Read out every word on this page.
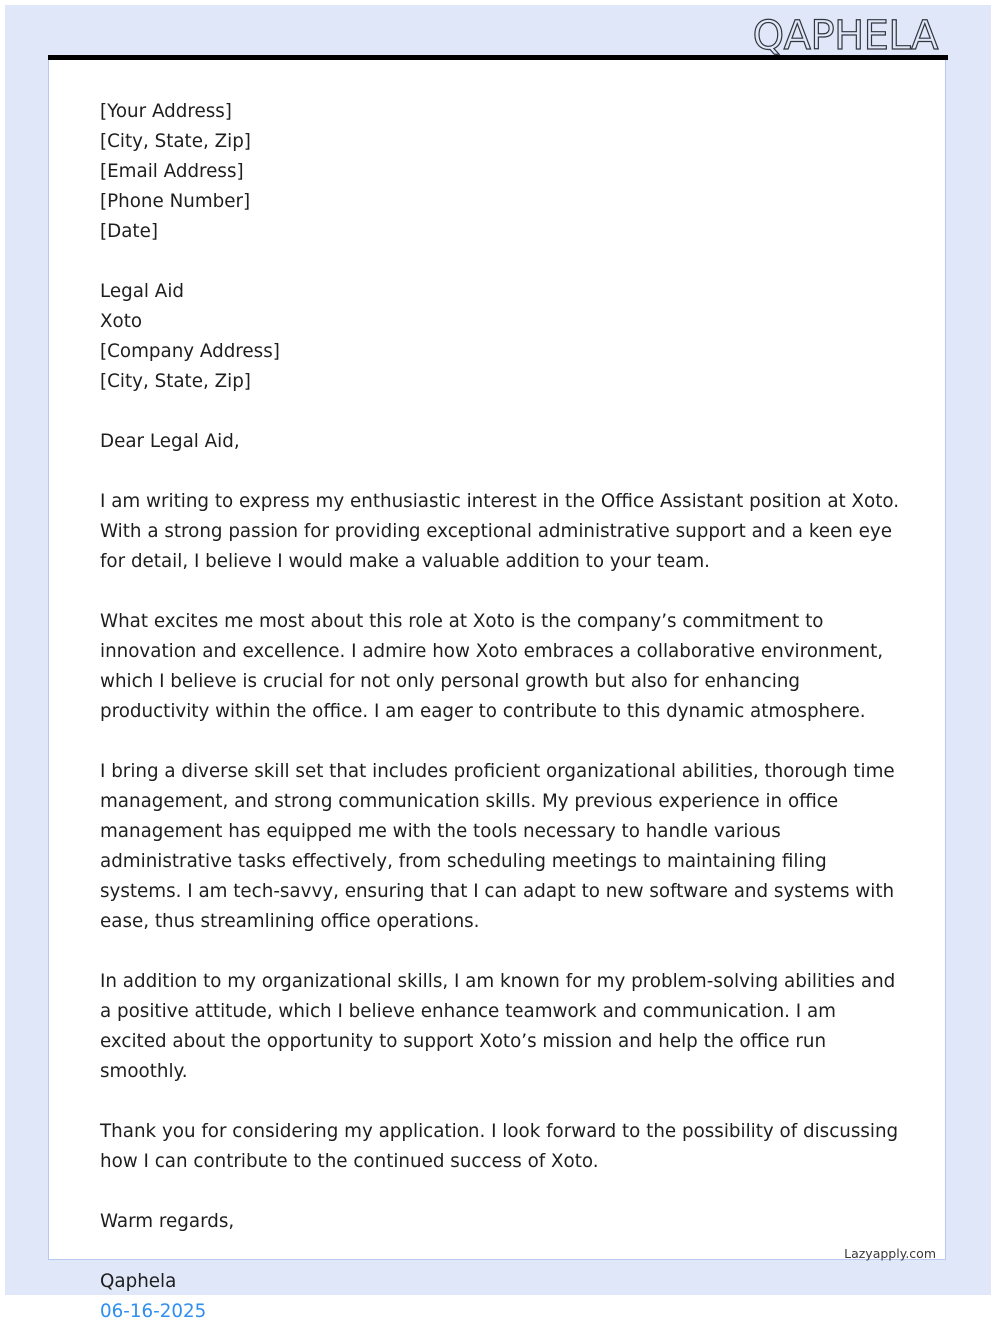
QAPHELA
[Your Address]
[City, State, Zip]
[Email Address]
[Phone Number]
[Date]
Legal Aid
Xoto
[Company Address]
[City, State, Zip]
Dear Legal Aid,
I am writing to express my enthusiastic interest in the Office Assistant position at Xoto. With a strong passion for providing exceptional administrative support and a keen eye for detail, I believe I would make a valuable addition to your team.
What excites me most about this role at Xoto is the company’s commitment to innovation and excellence. I admire how Xoto embraces a collaborative environment, which I believe is crucial for not only personal growth but also for enhancing productivity within the office. I am eager to contribute to this dynamic atmosphere.
I bring a diverse skill set that includes proficient organizational abilities, thorough time management, and strong communication skills. My previous experience in office management has equipped me with the tools necessary to handle various administrative tasks effectively, from scheduling meetings to maintaining filing systems. I am tech-savvy, ensuring that I can adapt to new software and systems with ease, thus streamlining office operations.
In addition to my organizational skills, I am known for my problem-solving abilities and a positive attitude, which I believe enhance teamwork and communication. I am excited about the opportunity to support Xoto’s mission and help the office run smoothly.
Thank you for considering my application. I look forward to the possibility of discussing how I can contribute to the continued success of Xoto.
Warm regards,
Qaphela
06-16-2025
Lazyapply.com
